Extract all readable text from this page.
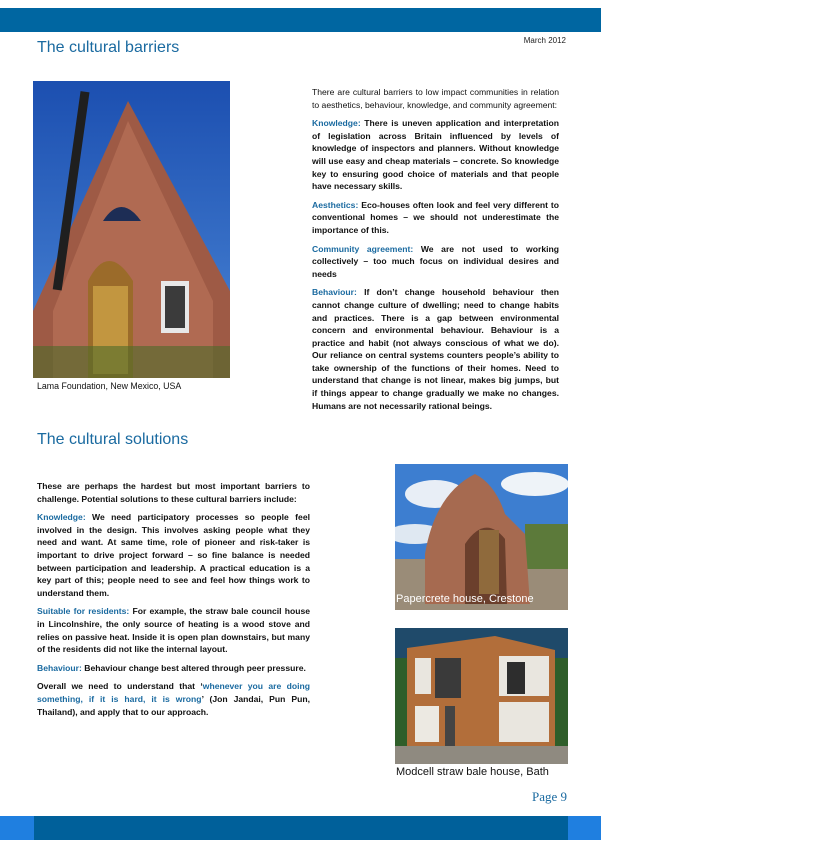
March 2012
The cultural barriers
Lama Foundation, New Mexico, USA

There are cultural barriers to low impact communities in relation to aesthetics, behaviour, knowledge, and community agreement:

Knowledge: There is uneven application and interpretation of legislation across Britain influenced by levels of knowledge of inspectors and planners. Without knowledge will use easy and cheap materials – concrete. So knowledge key to ensuring good choice of materials and that people have necessary skills.

Aesthetics: Eco-houses often look and feel very different to conventional homes – we should not underestimate the importance of this.

Community agreement: We are not used to working collectively – too much focus on individual desires and needs

Behaviour: If don’t change household behaviour then cannot change culture of dwelling; need to change habits and practices. There is a gap between environmental concern and environmental behaviour. Behaviour is a practice and habit (not always conscious of what we do). Our reliance on central systems counters people’s ability to take ownership of the functions of their homes. Need to understand that change is not linear, makes big jumps, but if things appear to change gradually we make no changes. Humans are not necessarily rational beings.

The cultural solutions

These are perhaps the hardest but most important barriers to challenge. Potential solutions to these cultural barriers include:

Knowledge: We need participatory processes so people feel involved in the design. This involves asking people what they need and want. At same time, role of pioneer and risk-taker is important to drive project forward – so fine balance is needed between participation and leadership. A practical education is a key part of this; people need to see and feel how things work to understand them.

Suitable for residents: For example, the straw bale council house in Lincolnshire, the only source of heating is a wood stove and relies on passive heat. Inside it is open plan downstairs, but many of the residents did not like the internal layout.

Behaviour: Behaviour change best altered through peer pressure.

Overall we need to understand that ‘whenever you are doing something, if it is hard, it is wrong’ (Jon Jandai, Pun Pun, Thailand), and apply that to our approach.

Papercrete house, Crestone
Modcell straw bale house, Bath
Page 9
